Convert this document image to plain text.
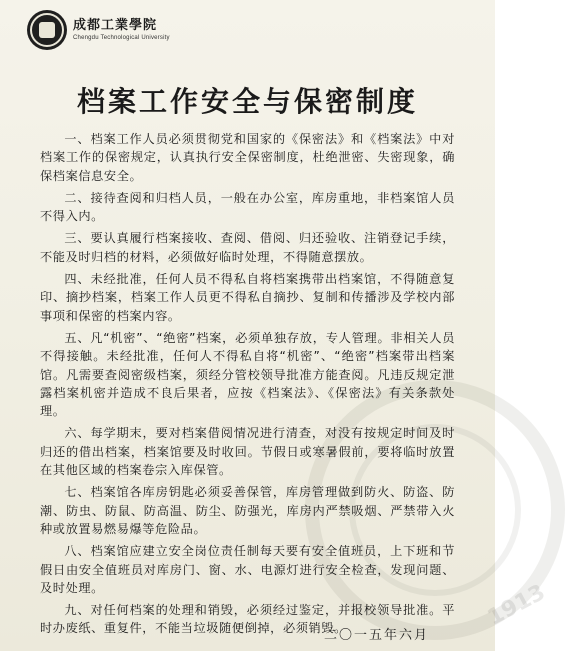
1913
成都工業學院
Chengdu Technological University
档案工作安全与保密制度

一、档案工作人员必须贯彻党和国家的《保密法》和《档案法》中对档案工作的保密规定，认真执行安全保密制度，杜绝泄密、失密现象，确保档案信息安全。

二、接待查阅和归档人员，一般在办公室，库房重地，非档案馆人员不得入内。

三、要认真履行档案接收、查阅、借阅、归还验收、注销登记手续，不能及时归档的材料，必须做好临时处理，不得随意摆放。

四、未经批准，任何人员不得私自将档案携带出档案馆，不得随意复印、摘抄档案，档案工作人员更不得私自摘抄、复制和传播涉及学校内部事项和保密的档案内容。

五、凡“机密”、“绝密”档案，必须单独存放，专人管理。非相关人员不得接触。未经批准，任何人不得私自将“机密”、“绝密”档案带出档案馆。凡需要查阅密级档案，须经分管校领导批准方能查阅。凡违反规定泄露档案机密并造成不良后果者，应按《档案法》、《保密法》有关条款处理。

六、每学期末，要对档案借阅情况进行清查，对没有按规定时间及时归还的借出档案，档案馆要及时收回。节假日或寒暑假前，要将临时放置在其他区域的档案卷宗入库保管。

七、档案馆各库房钥匙必须妥善保管，库房管理做到防火、防盗、防潮、防虫、防鼠、防高温、防尘、防强光，库房内严禁吸烟、严禁带入火种或放置易燃易爆等危险品。

八、档案馆应建立安全岗位责任制每天要有安全值班员，上下班和节假日由安全值班员对库房门、窗、水、电源灯进行安全检查，发现问题、及时处理。

九、对任何档案的处理和销毁，必须经过鉴定，并报校领导批准。平时办废纸、重复件，不能当垃圾随便倒掉，必须销毁。

二〇一五年六月
